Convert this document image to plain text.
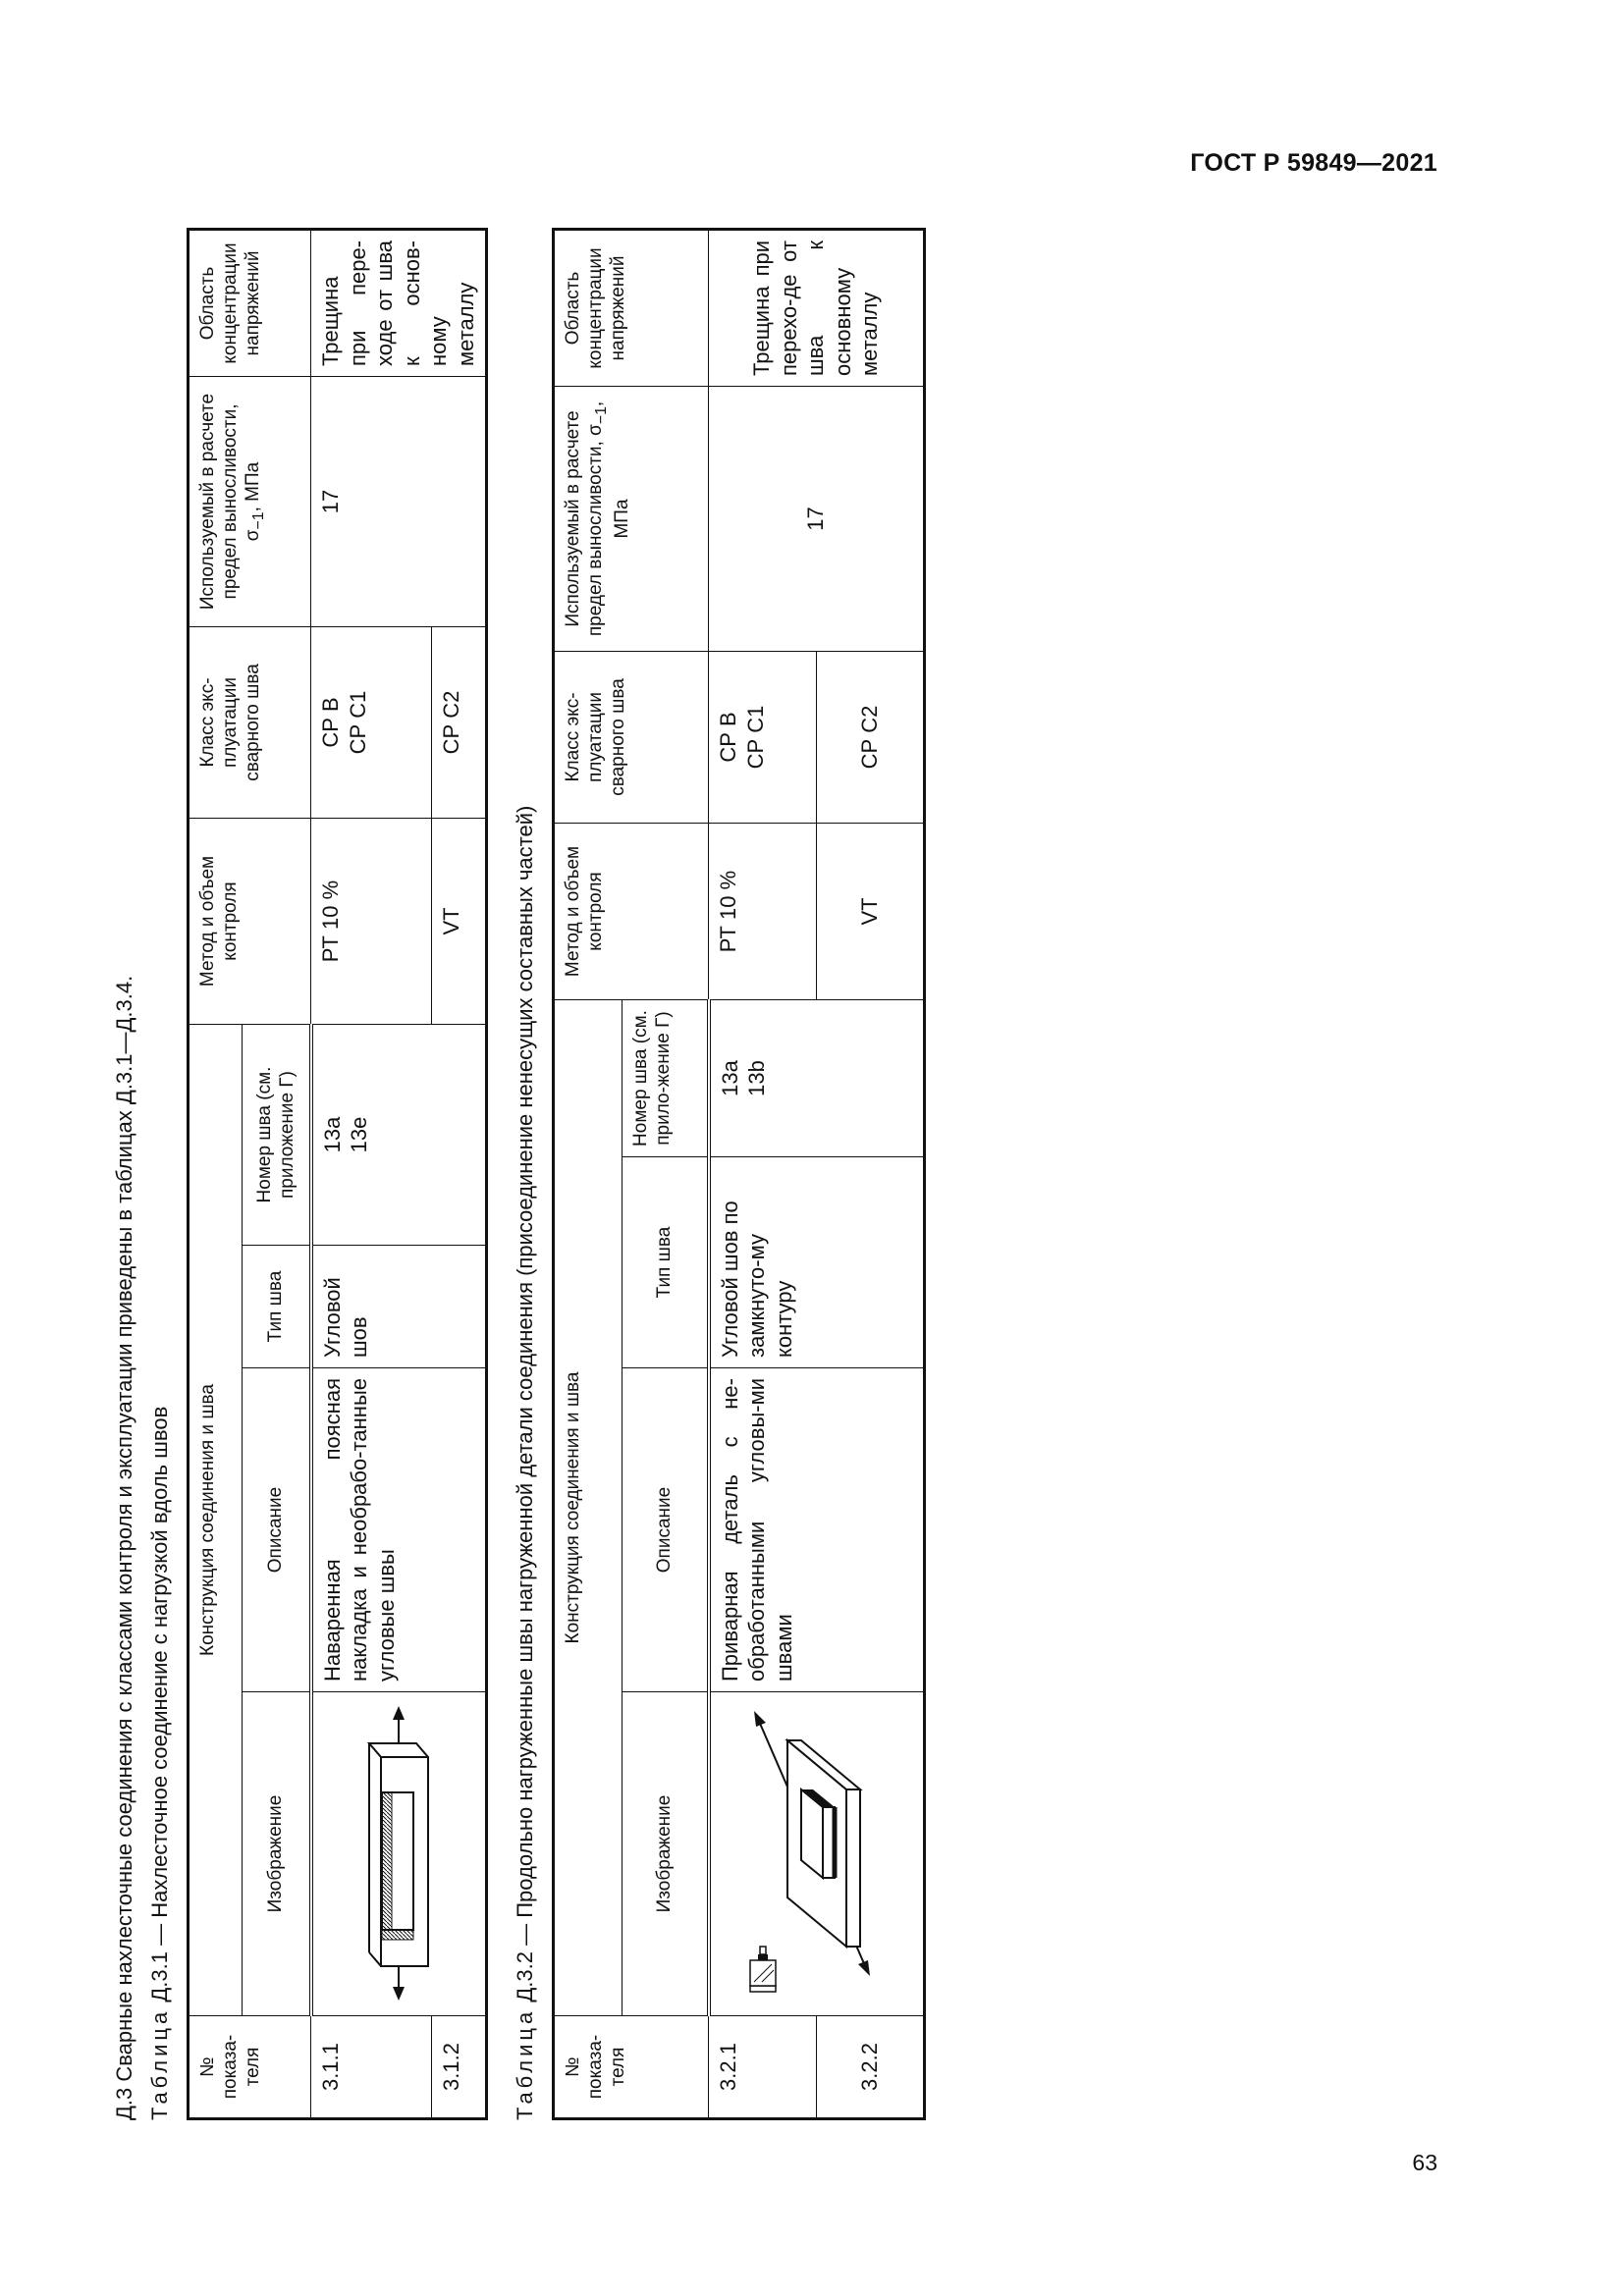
ГОСТ Р 59849—2021
Д.3 Сварные нахлесточные соединения с классами контроля и эксплуатации приведены в таблицах Д.3.1—Д.3.4. Таблица Д.3.1 — Нахлесточное соединение с нагрузкой вдоль швов
№ показа-теля	Конструкция соединения и шва				Метод и объем контроля	Класс экс-плуатации сварного шва	Используемый в расчете предел выносливости, $\sigma_{-1}$, МПа	Область концентрации напряжений
	Изображение	Описание	Тип шва	Номер шва (см. приложение Г)				
3.1.1		Наваренная поясная накладка и необрабо-танные угловые швы	Угловой шов	13a 13e	РТ 10 %	СР В СР С1	17	Трещина при пере-ходе от шва к основ-ному металлу
3.1.2					VT	СР С2		
Таблица Д.3.2 — Продольно нагруженные швы нагруженной детали соединения (присоединение ненесущих составных частей)
№ показа-теля	Конструкция соединения и шва				Метод и объем контроля	Класс экс-плуатации сварного шва	Используемый в расчете предел выносливости, $\sigma_{-1}$, МПа	Область концентрации напряжений
	Изображение	Описание	Тип шва	Номер шва (см. прило-жение Г)				
3.2.1		Приварная деталь с не-обработанными угловы-ми швами	Угловой шов по замкнуто-му контуру	13a 13b	РТ 10 %	СР В СР С1	17	Трещина при перехо-де от шва к основному металлу
3.2.2					VT	СР С2		
63
